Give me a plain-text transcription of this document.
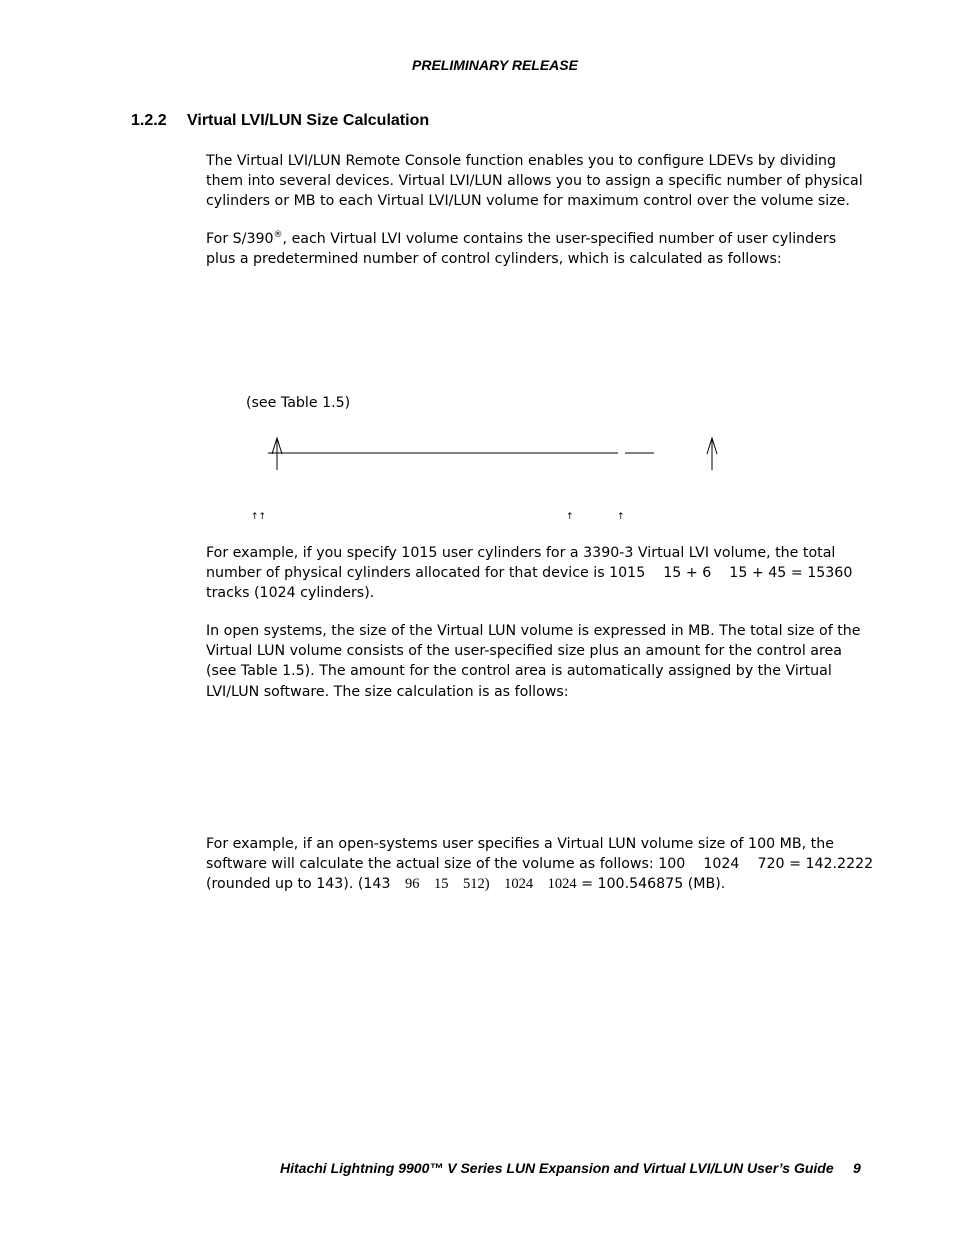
PRELIMINARY RELEASE
1.2.2 Virtual LVI/LUN Size Calculation
The Virtual LVI/LUN Remote Console function enables you to configure LDEVs by dividing
them into several devices. Virtual LVI/LUN allows you to assign a specific number of physical
cylinders or MB to each Virtual LVI/LUN volume for maximum control over the volume size.
For S/390®, each Virtual LVI volume contains the user-specified number of user cylinders
plus a predetermined number of control cylinders, which is calculated as follows:
(see Table 1.5)
↑↑	↑	↑
For example, if you specify 1015 user cylinders for a 3390-3 Virtual LVI volume, the total
number of physical cylinders allocated for that device is 1015    15 + 6    15 + 45 = 15360
tracks (1024 cylinders).
In open systems, the size of the Virtual LUN volume is expressed in MB. The total size of the
Virtual LUN volume consists of the user-specified size plus an amount for the control area
(see Table 1.5). The amount for the control area is automatically assigned by the Virtual
LVI/LUN software. The size calculation is as follows:
For example, if an open-systems user specifies a Virtual LUN volume size of 100 MB, the
software will calculate the actual size of the volume as follows: 100    1024    720 = 142.2222
(rounded up to 143). (143    96    15    512)    1024    1024 = 100.546875 (MB).
Hitachi Lightning 9900™ V Series LUN Expansion and Virtual LVI/LUN User’s Guide 9
